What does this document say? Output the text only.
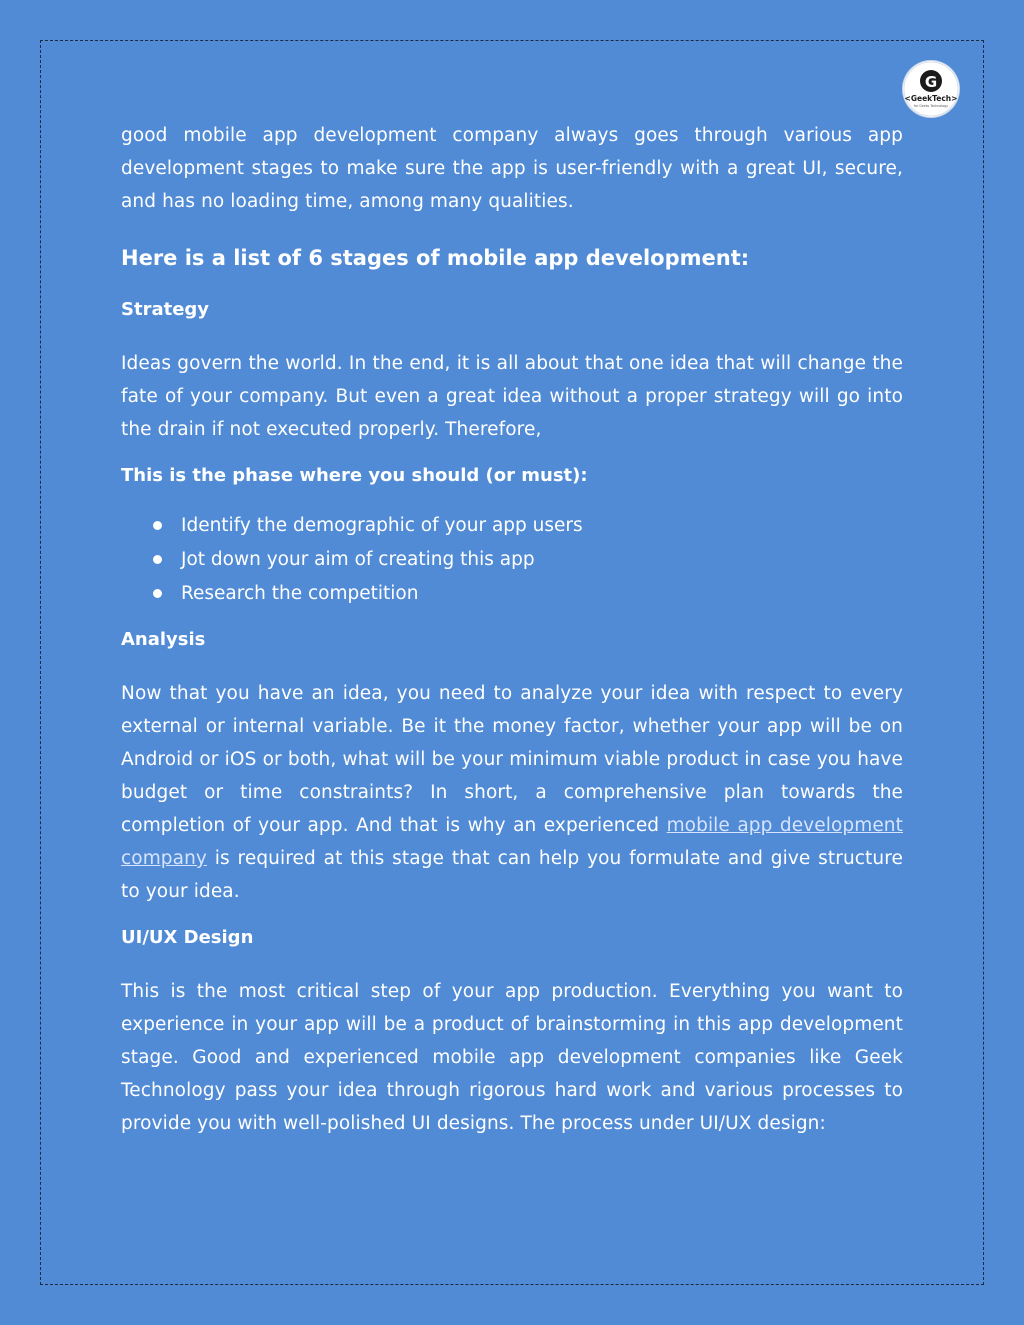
G
<GeekTech>
for Geeks Technology

good mobile app development company always goes through various app development stages to make sure the app is user-friendly with a great UI, secure, and has no loading time, among many qualities.

Here is a list of 6 stages of mobile app development:
Strategy

Ideas govern the world. In the end, it is all about that one idea that will change the fate of your company. But even a great idea without a proper strategy will go into the drain if not executed properly. Therefore,

This is the phase where you should (or must):
Identify the demographic of your app users
Jot down your aim of creating this app
Research the competition
Analysis

Now that you have an idea, you need to analyze your idea with respect to every external or internal variable. Be it the money factor, whether your app will be on Android or iOS or both, what will be your minimum viable product in case you have budget or time constraints? In short, a comprehensive plan towards the completion of your app. And that is why an experienced mobile app development company is required at this stage that can help you formulate and give structure to your idea.

UI/UX Design

This is the most critical step of your app production. Everything you want to experience in your app will be a product of brainstorming in this app development stage. Good and experienced mobile app development companies like Geek Technology pass your idea through rigorous hard work and various processes to provide you with well-polished UI designs. The process under UI/UX design:
